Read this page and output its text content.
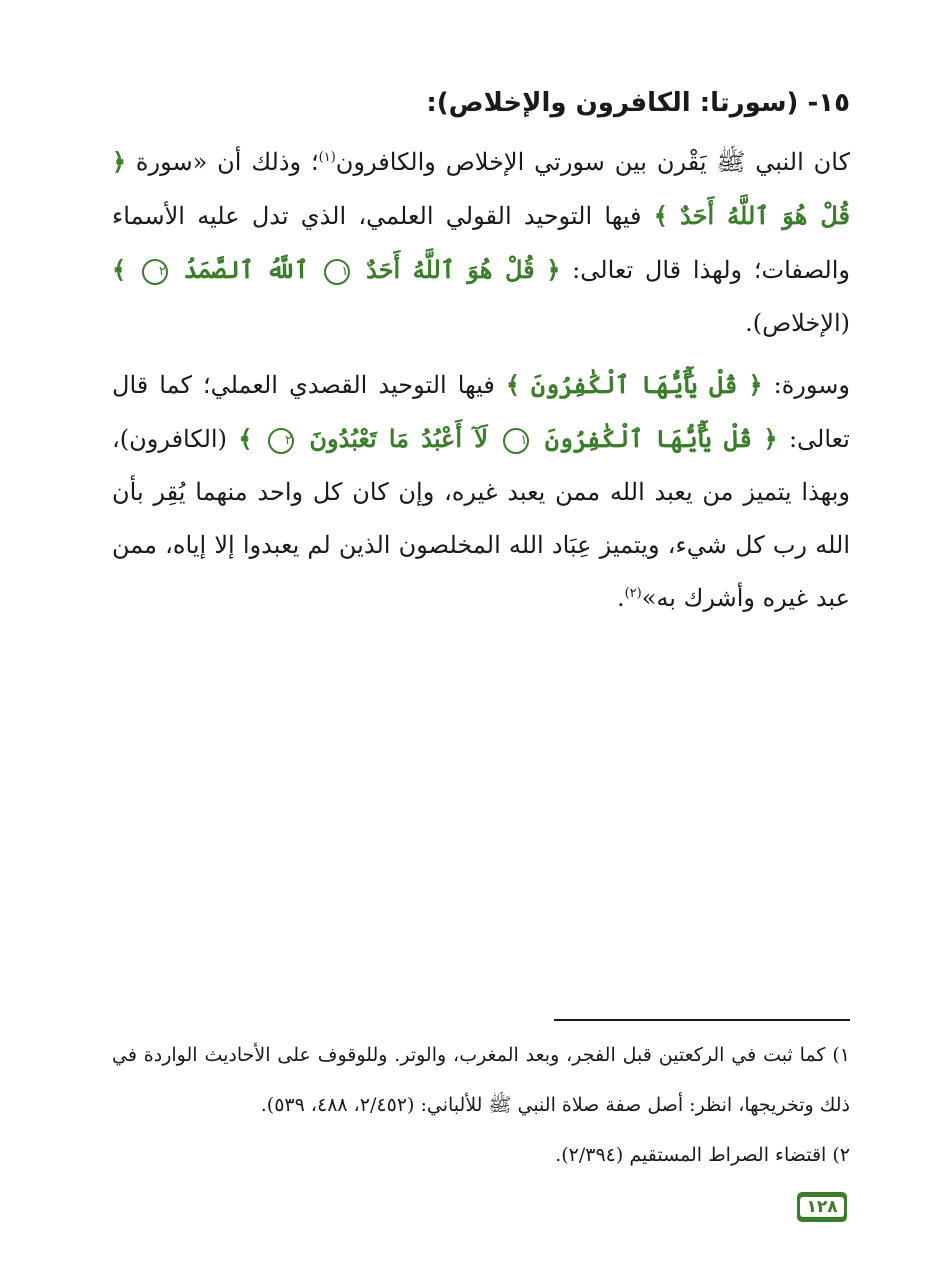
١٥- (سورتا: الكافرون والإخلاص):

كان النبي ﷺ يَقْرن بين سورتي الإخلاص والكافرون$^{(١)}$؛ وذلك أن «سورة ﴿ قُلْ هُوَ ٱللَّهُ أَحَدٌ ﴾ فيها التوحيد القولي العلمي، الذي تدل عليه الأسماء والصفات؛ ولهذا قال تعالى: ﴿ قُلْ هُوَ ٱللَّهُ أَحَدٌ ١ ٱللَّهُ ٱلصَّمَدُ ٢ ﴾ (الإخلاص).

وسورة: ﴿ قُلْ يَٰٓأَيُّهَا ٱلْكَٰفِرُونَ ﴾ فيها التوحيد القصدي العملي؛ كما قال تعالى: ﴿ قُلْ يَٰٓأَيُّهَا ٱلْكَٰفِرُونَ ١ لَآ أَعْبُدُ مَا تَعْبُدُونَ ٢ ﴾ (الكافرون)، وبهذا يتميز من يعبد الله ممن يعبد غيره، وإن كان كل واحد منهما يُقِر بأن الله رب كل شيء، ويتميز عِبَاد الله المخلصون الذين لم يعبدوا إلا إياه، ممن عبد غيره وأشرك به»$^{(٢)}$.

١) كما ثبت في الركعتين قبل الفجر، وبعد المغرب، والوتر. وللوقوف على الأحاديث الواردة في ذلك وتخريجها، انظر: أصل صفة صلاة النبي ﷺ للألباني: (٢/٤٥٢، ٤٨٨، ٥٣٩).

٢) اقتضاء الصراط المستقيم (٢/٣٩٤).

١٢٨
